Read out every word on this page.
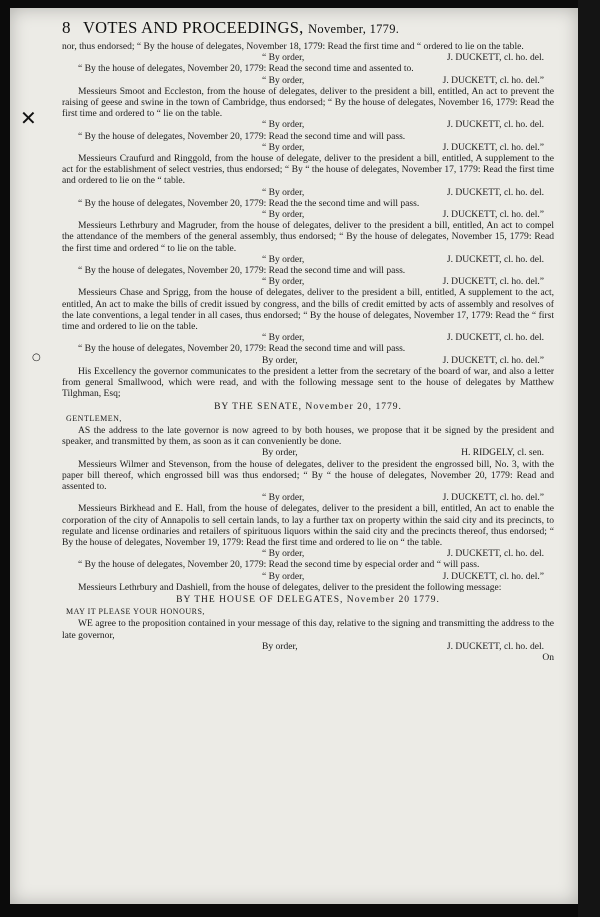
8 VOTES AND PROCEEDINGS, November, 1779.

nor, thus endorsed; “ By the house of delegates, November 18, 1779: Read the first time and “ ordered to lie on the table.

“ By order,	J. DUCKETT, cl. ho. del.

“ By the house of delegates, November 20, 1779: Read the second time and assented to.

“ By order,	J. DUCKETT, cl. ho. del.”

Messieurs Smoot and Eccleston, from the house of delegates, deliver to the president a bill, entitled, An act to prevent the raising of geese and swine in the town of Cambridge, thus endorsed; “ By the house of delegates, November 16, 1779: Read the first time and ordered to “ lie on the table.

“ By order,	J. DUCKETT, cl. ho. del.

“ By the house of delegates, November 20, 1779: Read the second time and will pass.

“ By order,	J. DUCKETT, cl. ho. del.”

Messieurs Craufurd and Ringgold, from the house of delegate, deliver to the president a bill, entitled, A supplement to the act for the establishment of select vestries, thus endorsed; “ By “ the house of delegates, November 17, 1779: Read the first time and ordered to lie on the “ table.

“ By order,	J. DUCKETT, cl. ho. del.

“ By the house of delegates, November 20, 1779: Read the the second time and will pass.

“ By order,	J. DUCKETT, cl. ho. del.”

Messieurs Lethrbury and Magruder, from the house of delegates, deliver to the president a bill, entitled, An act to compel the attendance of the members of the general assembly, thus endorsed; “ By the house of delegates, November 15, 1779: Read the first time and ordered “ to lie on the table.

“ By order,	J. DUCKETT, cl. ho. del.

“ By the house of delegates, November 20, 1779: Read the second time and will pass.

“ By order,	J. DUCKETT, cl. ho. del.”

Messieurs Chase and Sprigg, from the house of delegates, deliver to the president a bill, entitled, A supplement to the act, entitled, An act to make the bills of credit issued by congress, and the bills of credit emitted by acts of assembly and resolves of the late conventions, a legal tender in all cases, thus endorsed; “ By the house of delegates, November 17, 1779: Read the “ first time and ordered to lie on the table.

“ By order,	J. DUCKETT, cl. ho. del.

“ By the house of delegates, November 20, 1779: Read the second time and will pass.

By order,	J. DUCKETT, cl. ho. del.”

His Excellency the governor communicates to the president a letter from the secretary of the board of war, and also a letter from general Smallwood, which were read, and with the following message sent to the house of delegates by Matthew Tilghman, Esq;

BY THE SENATE, November 20, 1779.

GENTLEMEN,

AS the address to the late governor is now agreed to by both houses, we propose that it be signed by the president and speaker, and transmitted by them, as soon as it can conveniently be done.

By order,	H. RIDGELY, cl. sen.

Messieurs Wilmer and Stevenson, from the house of delegates, deliver to the president the engrossed bill, No. 3, with the paper bill thereof, which engrossed bill was thus endorsed; “ By “ the house of delegates, November 20, 1779: Read and assented to.

“ By order,	J. DUCKETT, cl. ho. del.”

Messieurs Birkhead and E. Hall, from the house of delegates, deliver to the president a bill, entitled, An act to enable the corporation of the city of Annapolis to sell certain lands, to lay a further tax on property within the said city and its precincts, to regulate and license ordinaries and retailers of spirituous liquors within the said city and the precincts thereof, thus endorsed; “ By the house of delegates, November 19, 1779: Read the first time and ordered to lie on “ the table.

“ By order,	J. DUCKETT, cl. ho. del.

“ By the house of delegates, November 20, 1779: Read the second time by especial order and “ will pass.

“ By order,	J. DUCKETT, cl. ho. del.”

Messieurs Lethrbury and Dashiell, from the house of delegates, deliver to the president the following message:

BY THE HOUSE OF DELEGATES, November 20 1779.

MAY IT PLEASE YOUR HONOURS,

WE agree to the proposition contained in your message of this day, relative to the signing and transmitting the address to the late governor,

By order,	J. DUCKETT, cl. ho. del.

On

✕
○
